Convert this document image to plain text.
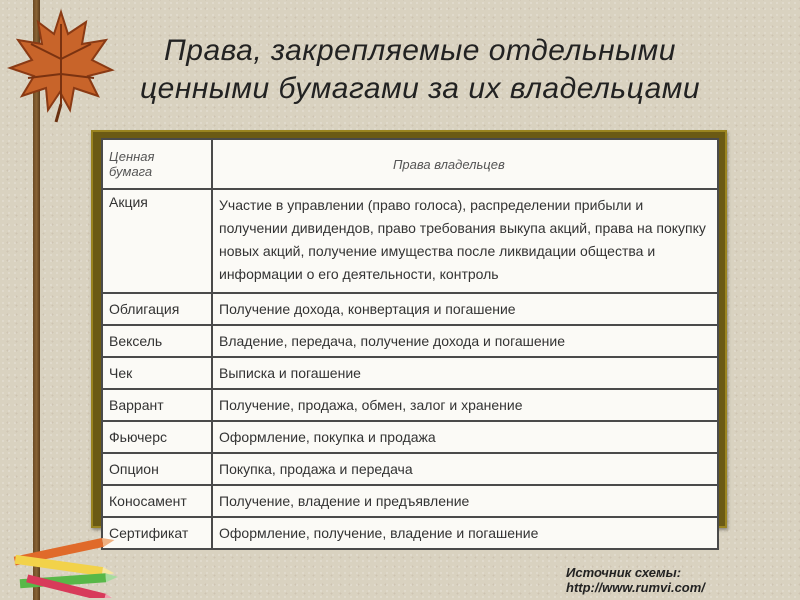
Права, закрепляемые отдельными
ценными бумагами за их владельцами
Ценная
бумага	Права владельцев
Акция	Участие в управлении (право голоса), распределении прибыли и получении дивидендов, право требования выкупа акций, права на покупку новых акций, получение имущества после ликвидации общества и информации о его деятельности, контроль
Облигация	Получение дохода, конвертация и погашение
Вексель	Владение, передача, получение дохода и погашение
Чек	Выписка и погашение
Варрант	Получение, продажа, обмен, залог и хранение
Фьючерс	Оформление, покупка и продажа
Опцион	Покупка, продажа и передача
Коносамент	Получение, владение и предъявление
Сертификат	Оформление, получение, владение и погашение
Источник схемы:
http://www.rumvi.com/
